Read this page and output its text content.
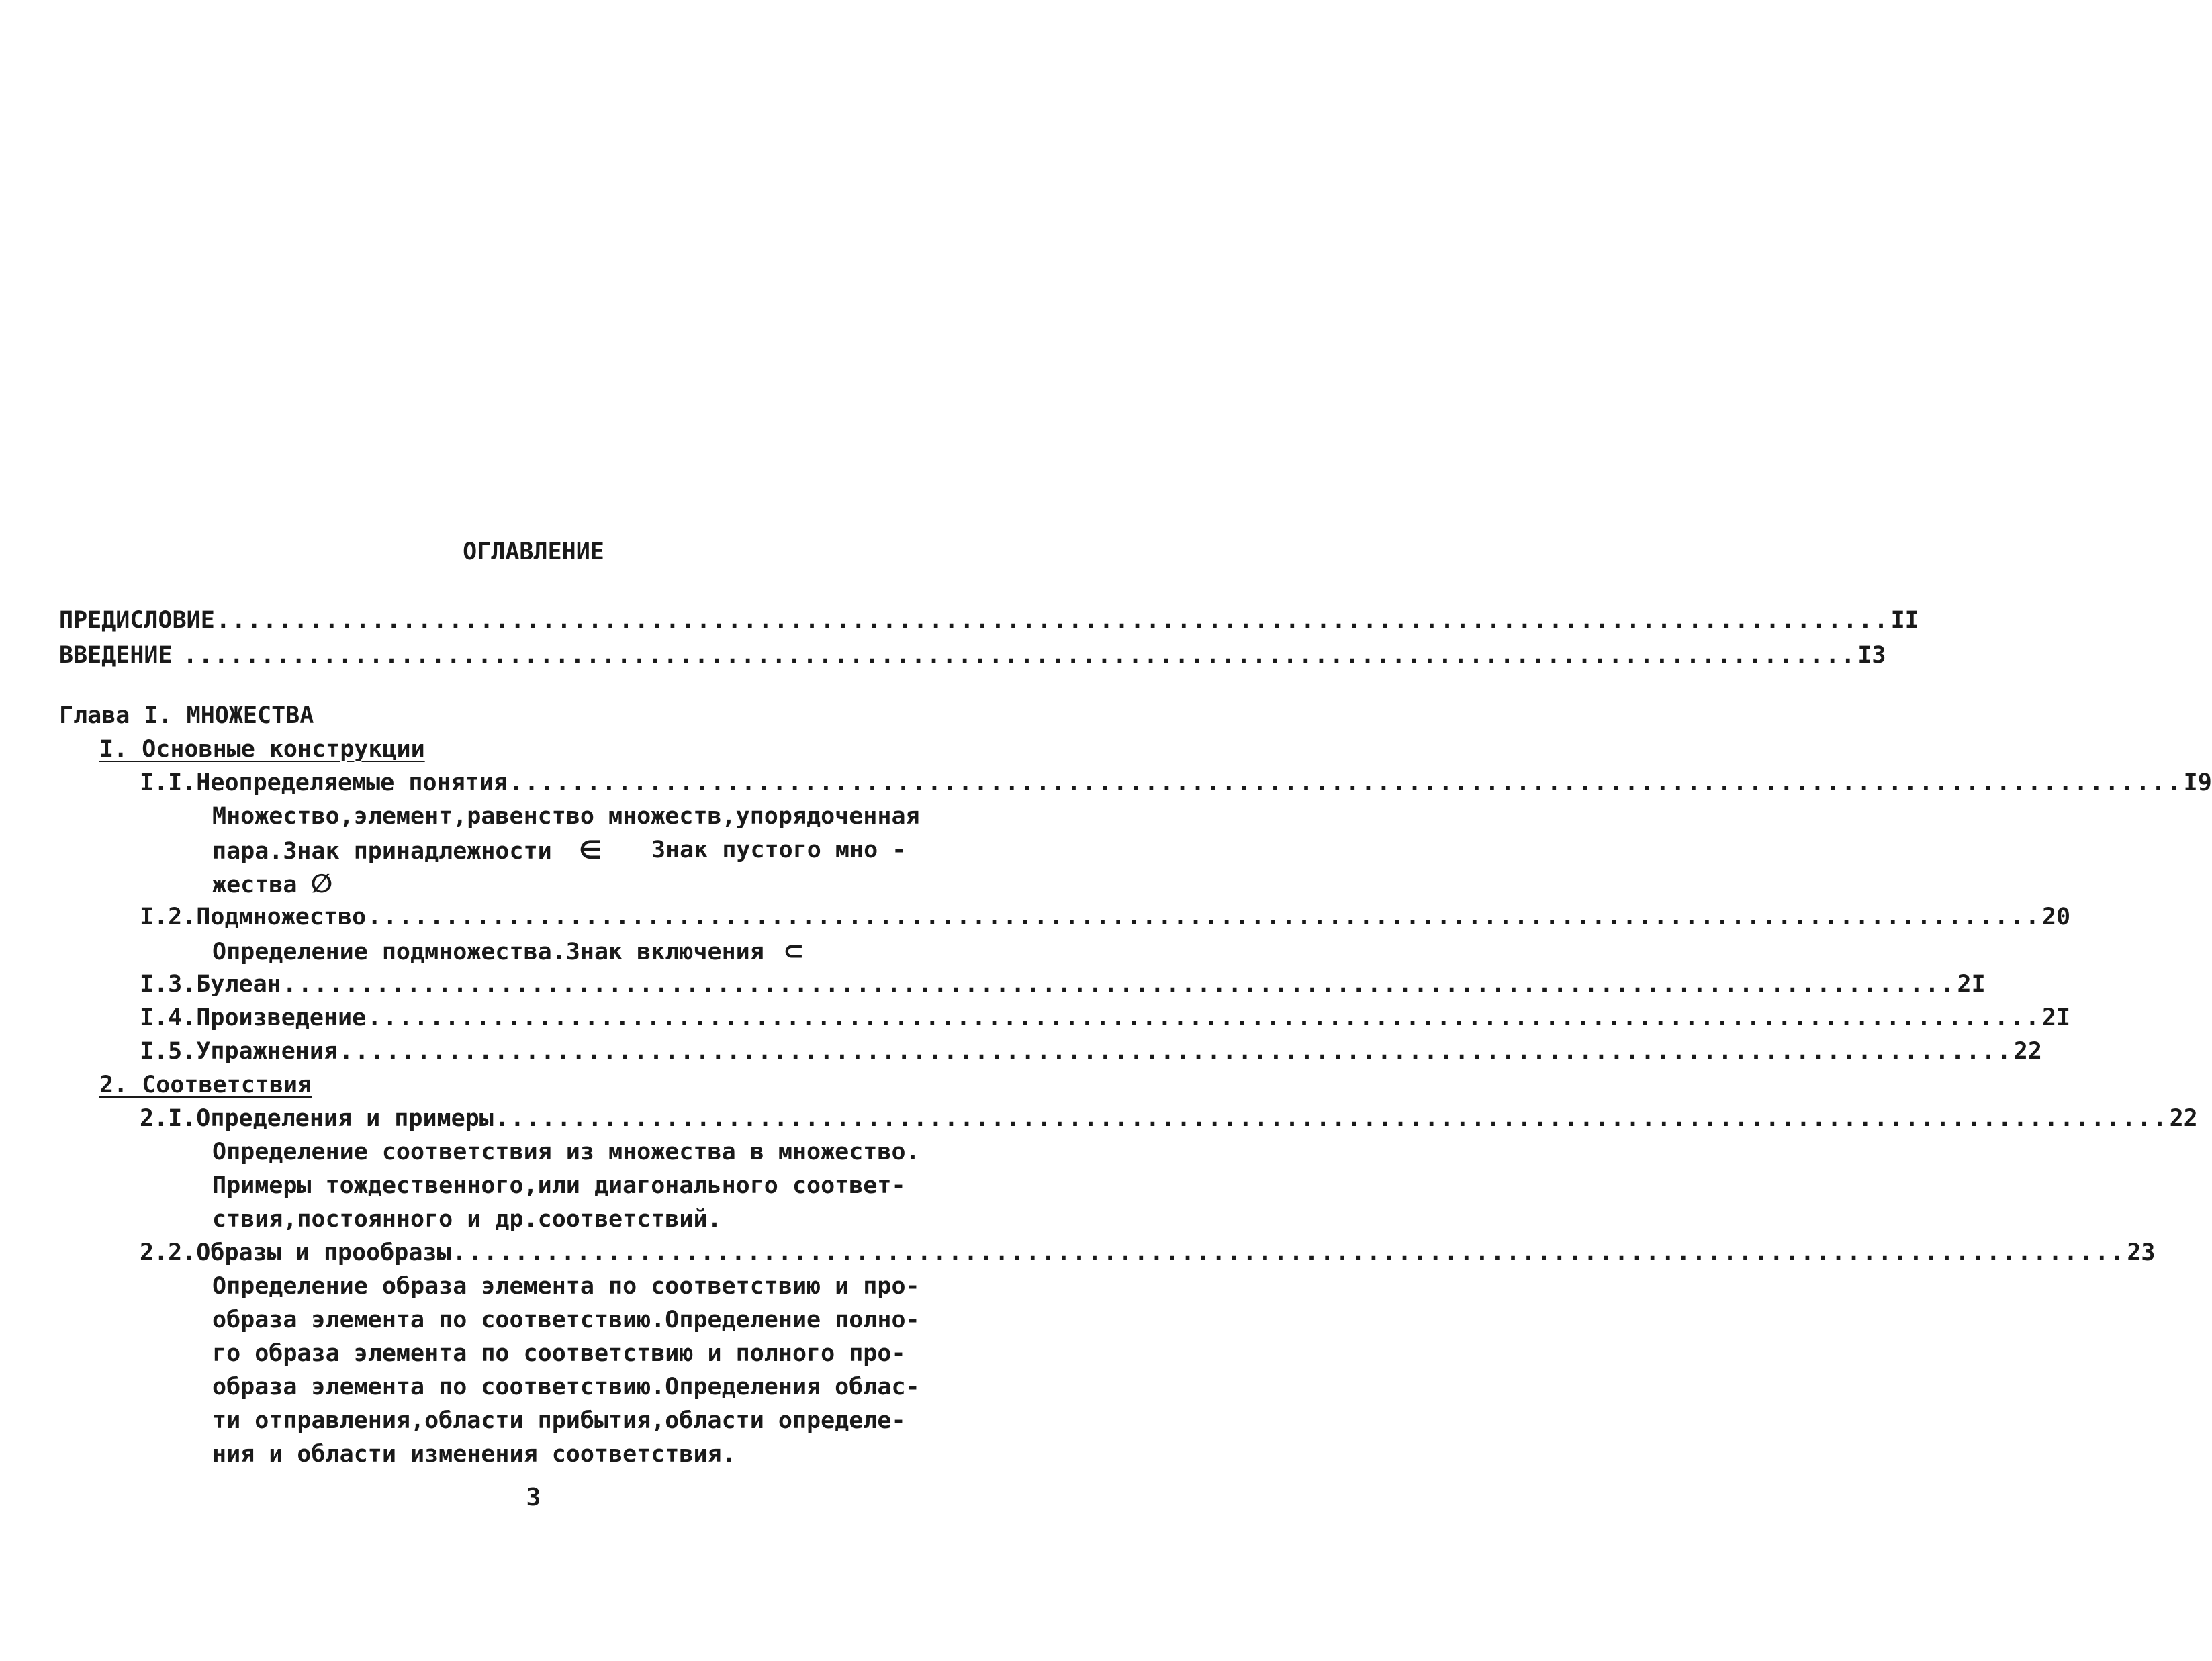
ОГЛАВЛЕНИЕ
ПРЕДИСЛОВИЕ ............................................................................................................ II
ВВЕДЕНИЕ ............................................................................................................ I3
Глава I. МНОЖЕСТВА
I. Основные конструкции
I.I. Неопределяемые понятия ............................................................................................................ I9
Множество,элемент,равенство множеств,упорядоченная
пара.Знак принадлежности ∈ Знак пустого мно -
жества ∅
I.2. Подмножество ............................................................................................................ 20
Определение подмножества.Знак включения ⊂
I.3. Булеан ............................................................................................................ 2I
I.4. Произведение ............................................................................................................ 2I
I.5. Упражнения ............................................................................................................ 22
2. Соответствия
2.I. Определения и примеры ............................................................................................................ 22
Определение соответствия из множества в множество.
Примеры тождественного,или диагонального соответ-
ствия,постоянного и др.соответствий.
2.2. Образы и прообразы ............................................................................................................ 23
Определение образа элемента по соответствию и про-
образа элемента по соответствию.Определение полно-
го образа элемента по соответствию и полного про-
образа элемента по соответствию.Определения облас-
ти отправления,области прибытия,области определе-
ния и области изменения соответствия.
3
